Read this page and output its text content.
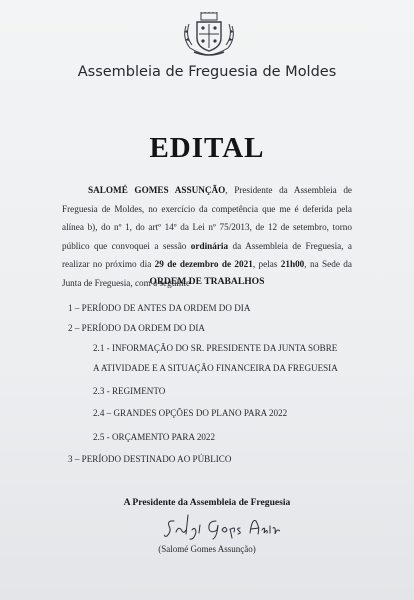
Assembleia de Freguesia de Moldes
EDITAL
SALOMÉ GOMES ASSUNÇÃO, Presidente da Assembleia de Freguesia de Moldes, no exercício da competência que me é deferida pela alínea b), do nº 1, do artº 14º da Lei nº 75/2013, de 12 de setembro, torno público que convoquei a sessão ordinária da Assembleia de Freguesia, a realizar no próximo dia 29 de dezembro de 2021, pelas 21h00, na Sede da Junta de Freguesia, com a seguinte
ORDEM DE TRABALHOS
1 – PERÍODO DE ANTES DA ORDEM DO DIA
2 – PERÍODO DA ORDEM DO DIA
2.1 - INFORMAÇÃO DO SR. PRESIDENTE DA JUNTA SOBRE
A ATIVIDADE E A SITUAÇÃO FINANCEIRA DA FREGUESIA
2.3 - REGIMENTO
2.4 – GRANDES OPÇÕES DO PLANO PARA 2022
2.5 - ORÇAMENTO PARA 2022
3 – PERÍODO DESTINADO AO PÚBLICO
A Presidente da Assembleia de Freguesia
(Salomé Gomes Assunção)
